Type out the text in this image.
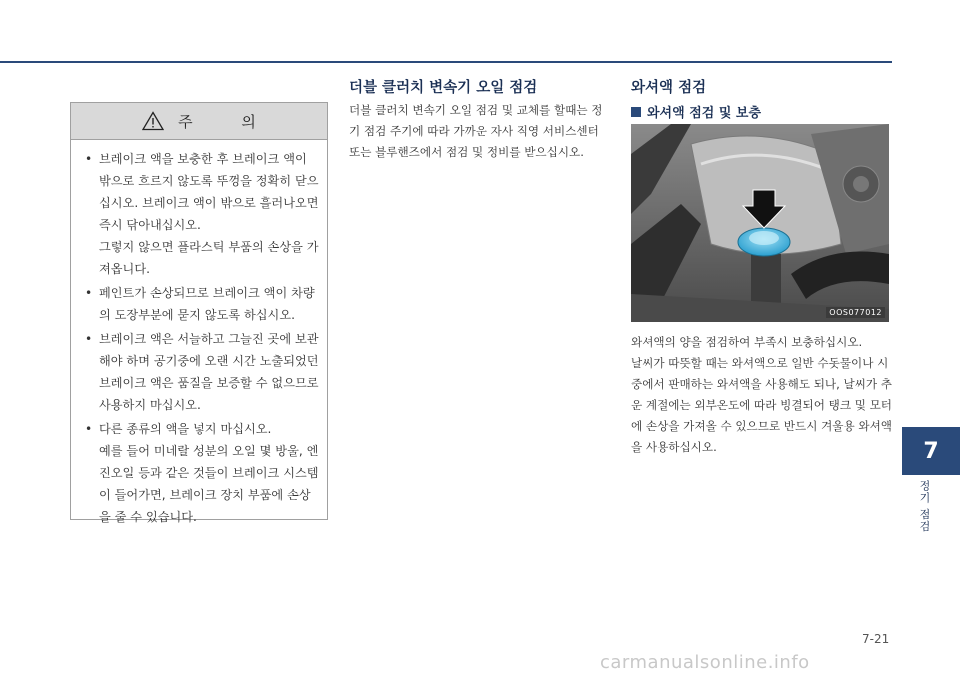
주 의
• 브레이크 액을 보충한 후 브레이크 액이 밖으로 흐르지 않도록 뚜껑을 정확히 닫으십시오. 브레이크 액이 밖으로 흘러나오면 즉시 닦아내십시오.

그렇지 않으면 플라스틱 부품의 손상을 가져옵니다.

• 페인트가 손상되므로 브레이크 액이 차량의 도장부분에 묻지 않도록 하십시오.

• 브레이크 액은 서늘하고 그늘진 곳에 보관해야 하며 공기중에 오랜 시간 노출되었던 브레이크 액은 품질을 보증할 수 없으므로 사용하지 마십시오.

• 다른 종류의 액을 넣지 마십시오.

예를 들어 미네랄 성분의 오일 몇 방울, 엔진오일 등과 같은 것들이 브레이크 시스템이 들어가면, 브레이크 장치 부품에 손상을 줄 수 있습니다.

더블 클러치 변속기 오일 점검
더블 클러치 변속기 오일 점검 및 교체를 할때는 정기 점검 주기에 따라 가까운 자사 직영 서비스센터 또는 블루핸즈에서 점검 및 정비를 받으십시오.
와셔액 점검
와셔액 점검 및 보충
OOS077012

와셔액의 양을 점검하여 부족시 보충하십시오.

날씨가 따뜻할 때는 와셔액으로 일반 수돗물이나 시중에서 판매하는 와셔액을 사용해도 되나, 날씨가 추운 계절에는 외부온도에 따라 빙결되어 탱크 및 모터에 손상을 가져올 수 있으므로 반드시 겨울용 와셔액을 사용하십시오.	7
정기 점검
7-21
carmanualsonline.info
